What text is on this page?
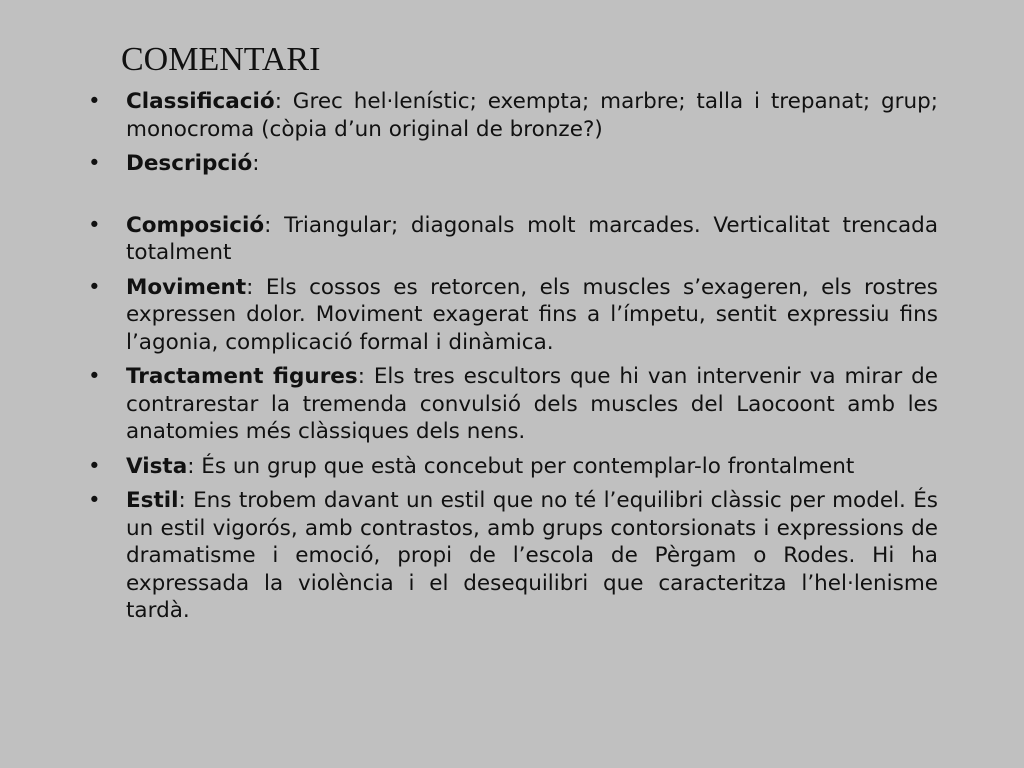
COMENTARI
•	Classificació: Grec hel·lenístic; exempta; marbre; talla i trepanat; grup; monocroma (còpia d’un original de bronze?)
•	Descripció:
•	Composició: Triangular; diagonals molt marcades. Verticalitat trencada totalment
•	Moviment: Els cossos es retorcen, els muscles s’exageren, els rostres expressen dolor. Moviment exagerat fins a l’ímpetu, sentit expressiu fins l’agonia, complicació formal i dinàmica.
•	Tractament figures: Els tres escultors que hi van intervenir va mirar de contrarestar la tremenda convulsió dels muscles del Laocoont amb les anatomies més clàssiques dels nens.
•	Vista: És un grup que està concebut per contemplar-lo frontalment
•	Estil: Ens trobem davant un estil que no té l’equilibri clàssic per model. És un estil vigorós, amb contrastos, amb grups contorsionats i expressions de dramatisme i emoció, propi de l’escola de Pèrgam o Rodes. Hi ha expressada la violència i el desequilibri que caracteritza l’hel·lenisme tardà.
